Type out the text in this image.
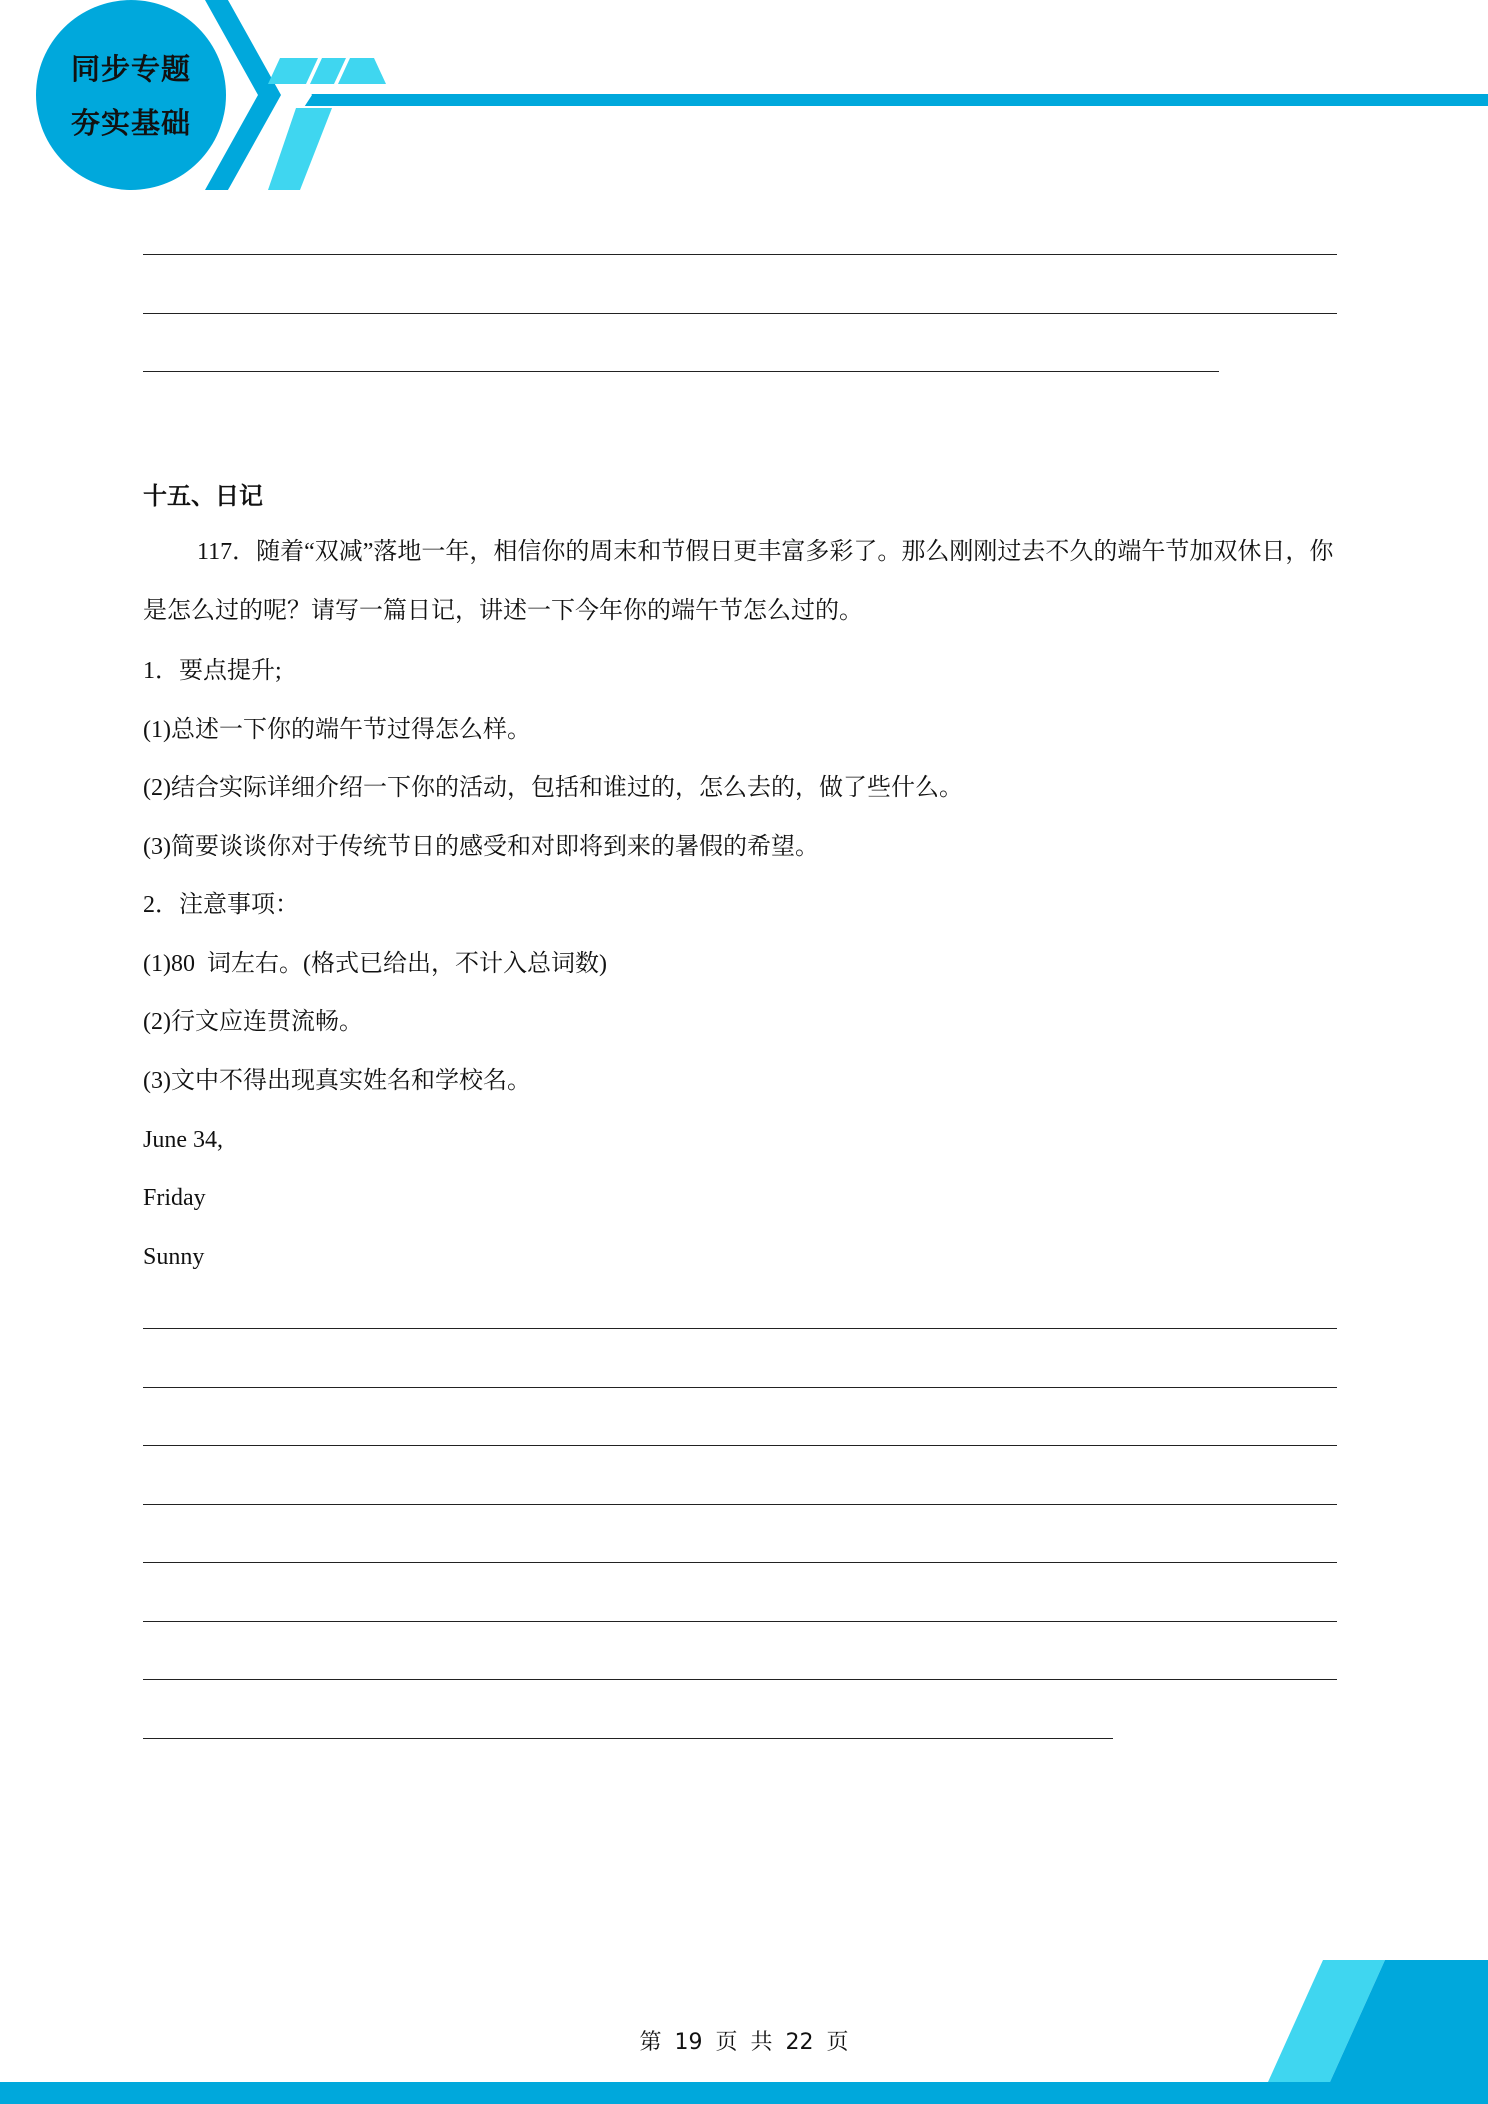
同步专题
夯实基础
十五、日记
117．随着“双减”落地一年，相信你的周末和节假日更丰富多彩了。那么刚刚过去不久的端午节加双休日，你是怎么过的呢？请写一篇日记，讲述一下今年你的端午节怎么过的。
1．要点提升;
(1)总述一下你的端午节过得怎么样。
(2)结合实际详细介绍一下你的活动，包括和谁过的，怎么去的，做了些什么。
(3)简要谈谈你对于传统节日的感受和对即将到来的暑假的希望。
2．注意事项：
(1)80  词左右。(格式已给出，不计入总词数)
(2)行文应连贯流畅。
(3)文中不得出现真实姓名和学校名。
June 34,
Friday
Sunny
第 19 页 共 22 页
